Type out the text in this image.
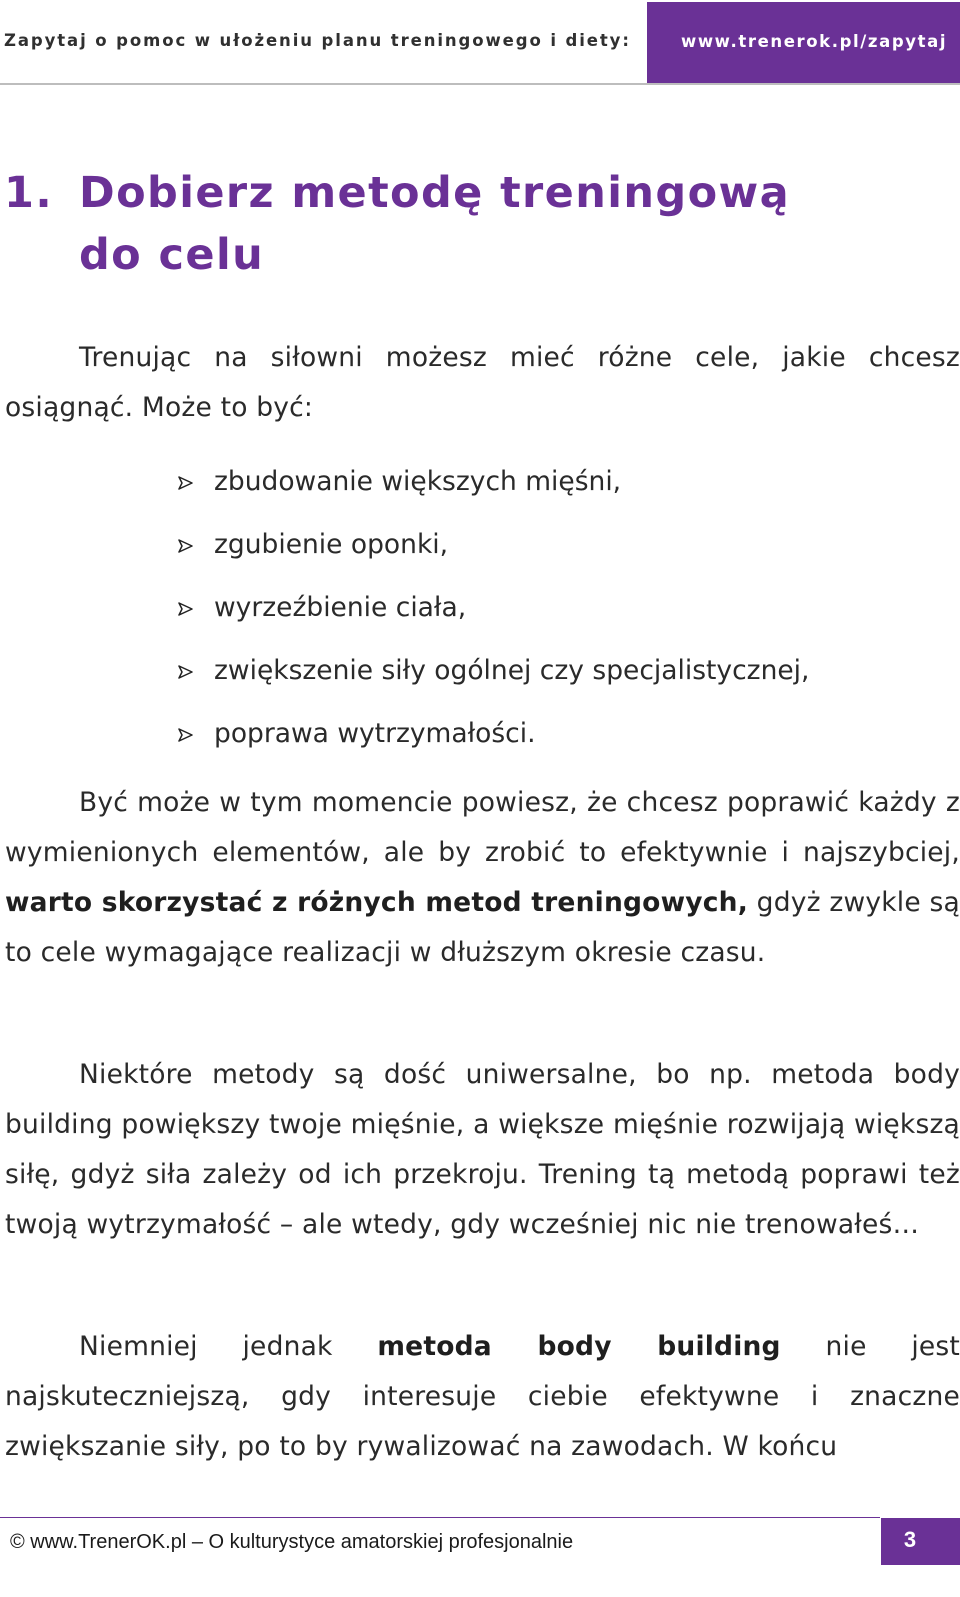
Zapytaj o pomoc w ułożeniu planu treningowego i diety:	www.trenerok.pl/zapytaj
1. Dobierz metodę treningową
do celu
Trenując na siłowni możesz mieć różne cele, jakie chcesz osiągnąć. Może to być:
zbudowanie większych mięśni,
zgubienie oponki,
wyrzeźbienie ciała,
zwiększenie siły ogólnej czy specjalistycznej,
poprawa wytrzymałości.
Być może w tym momencie powiesz, że chcesz poprawić każdy z wymienionych elementów, ale by zrobić to efektywnie i najszybciej, warto skorzystać z różnych metod treningowych, gdyż zwykle są to cele wymagające realizacji w dłuższym okresie czasu.
Niektóre metody są dość uniwersalne, bo np. metoda body building powiększy twoje mięśnie, a większe mięśnie rozwijają większą siłę, gdyż siła zależy od ich przekroju. Trening tą metodą poprawi też twoją wytrzymałość – ale wtedy, gdy wcześniej nic nie trenowałeś…
Niemniej jednak metoda body building nie jest najskuteczniejszą, gdy interesuje ciebie efektywne i znaczne zwiększanie siły, po to by rywalizować na zawodach. W końcu
© www.TrenerOK.pl – O kulturystyce amatorskiej profesjonalnie	3
